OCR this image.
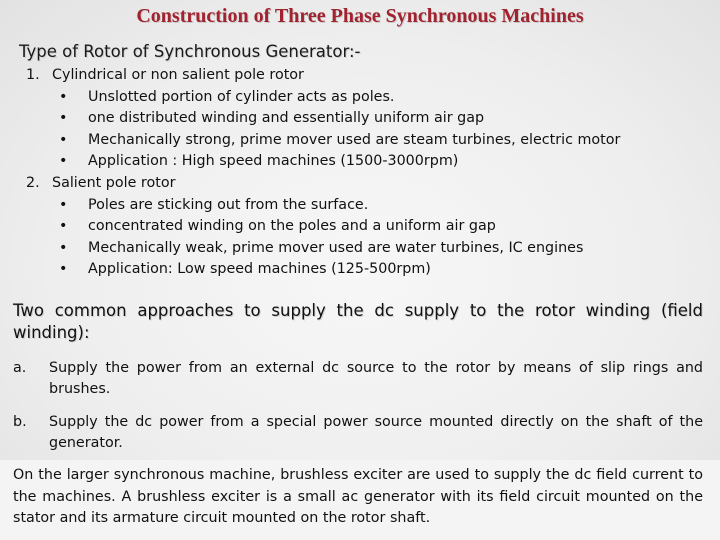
Construction of Three Phase Synchronous Machines
Type of Rotor of Synchronous Generator:-
1. Cylindrical or non salient pole rotor
• Unslotted portion of cylinder acts as poles.
• one distributed winding and essentially uniform air gap
• Mechanically strong, prime mover used are steam turbines, electric motor
• Application : High speed machines (1500-3000rpm)
2. Salient pole rotor
• Poles are sticking out from the surface.
• concentrated winding on the poles and a uniform air gap
• Mechanically weak, prime mover used are water turbines, IC engines
• Application: Low speed machines (125-500rpm)
Two common approaches to supply the dc supply to the rotor winding (field
winding):
a. Supply the power from an external dc source to the rotor by means of slip rings and
brushes.
b. Supply the dc power from a special power source mounted directly on the shaft of the
generator.
On the larger synchronous machine, brushless exciter are used to supply the dc field current to
the machines. A brushless exciter is a small ac generator with its field circuit mounted on the
stator and its armature circuit mounted on the rotor shaft.
